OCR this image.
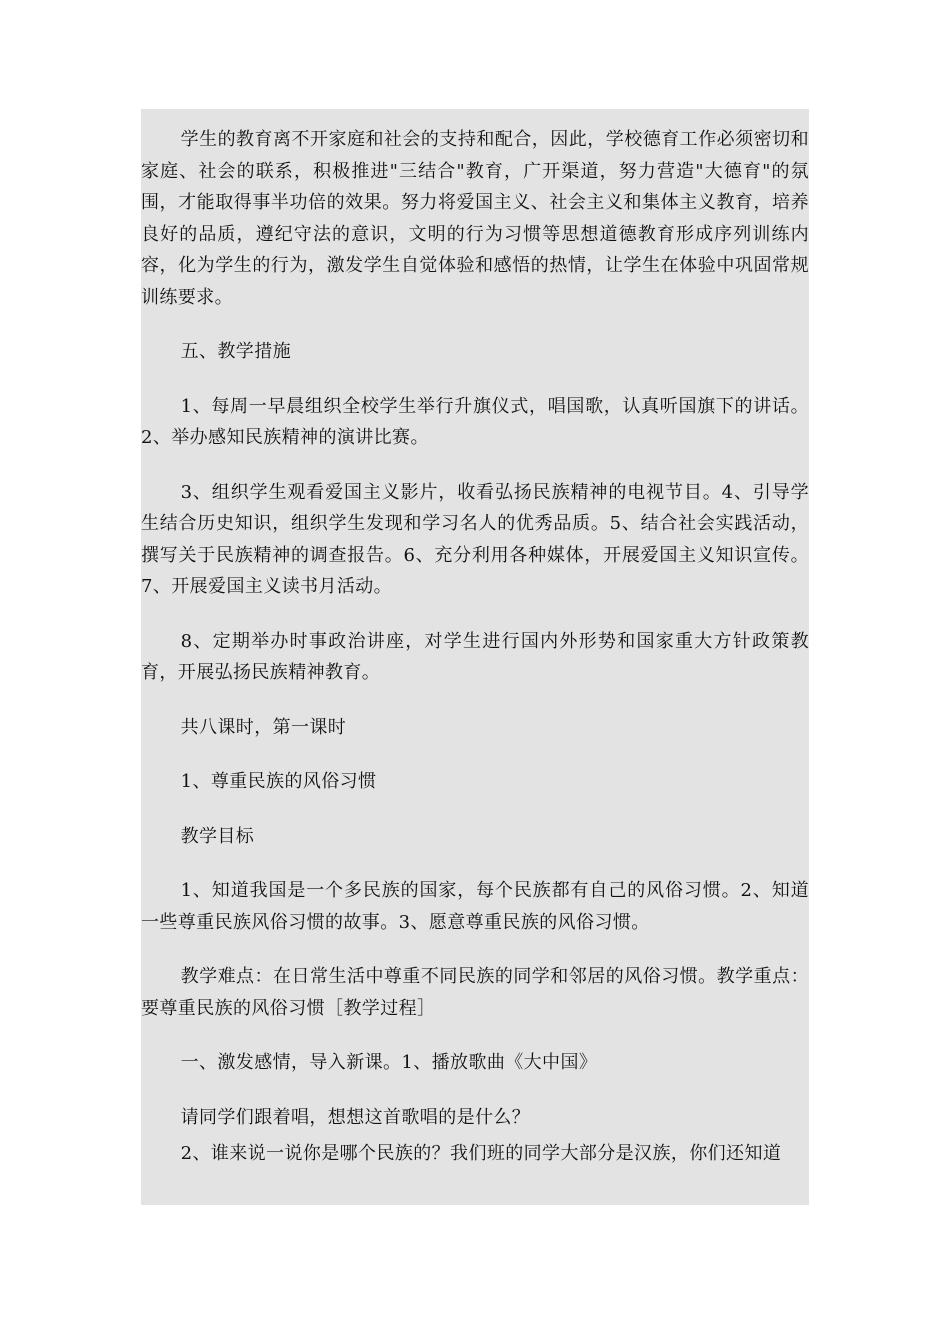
学生的教育离不开家庭和社会的支持和配合，因此，学校德育工作必须密切和家庭、社会的联系，积极推进"三结合"教育，广开渠道，努力营造"大德育"的氛围，才能取得事半功倍的效果。努力将爱国主义、社会主义和集体主义教育，培养良好的品质，遵纪守法的意识，文明的行为习惯等思想道德教育形成序列训练内容，化为学生的行为，激发学生自觉体验和感悟的热情，让学生在体验中巩固常规训练要求。

五、教学措施

1、每周一早晨组织全校学生举行升旗仪式，唱国歌，认真听国旗下的讲话。2、举办感知民族精神的演讲比赛。

3、组织学生观看爱国主义影片，收看弘扬民族精神的电视节目。4、引导学生结合历史知识，组织学生发现和学习名人的优秀品质。5、结合社会实践活动，撰写关于民族精神的调查报告。6、充分利用各种媒体，开展爱国主义知识宣传。7、开展爱国主义读书月活动。

8、定期举办时事政治讲座，对学生进行国内外形势和国家重大方针政策教育，开展弘扬民族精神教育。

共八课时，第一课时

1、尊重民族的风俗习惯

教学目标

1、知道我国是一个多民族的国家，每个民族都有自己的风俗习惯。2、知道一些尊重民族风俗习惯的故事。3、愿意尊重民族的风俗习惯。

教学难点：在日常生活中尊重不同民族的同学和邻居的风俗习惯。教学重点：要尊重民族的风俗习惯［教学过程］

一、激发感情，导入新课。1、播放歌曲《大中国》

请同学们跟着唱，想想这首歌唱的是什么？

2、谁来说一说你是哪个民族的？我们班的同学大部分是汉族，你们还知道
